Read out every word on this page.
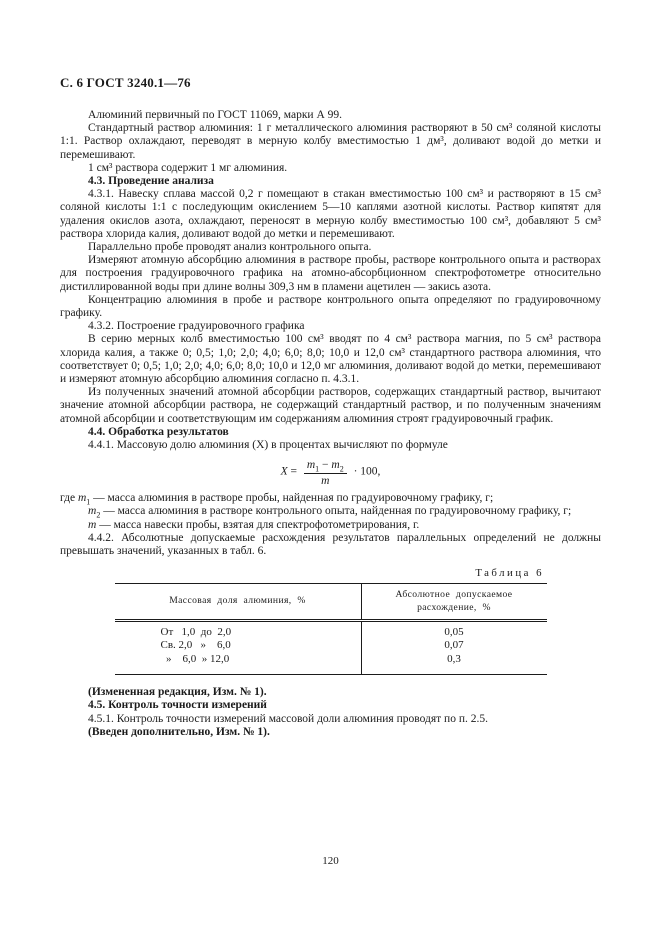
С. 6 ГОСТ 3240.1—76

Алюминий первичный по ГОСТ 11069, марки А 99.

Стандартный раствор алюминия: 1 г металлического алюминия растворяют в 50 см³ соляной кислоты 1:1. Раствор охлаждают, переводят в мерную колбу вместимостью 1 дм³, доливают водой до метки и перемешивают.

1 см³ раствора содержит 1 мг алюминия.

4.3. Проведение анализа

4.3.1. Навеску сплава массой 0,2 г помещают в стакан вместимостью 100 см³ и растворяют в 15 см³ соляной кислоты 1:1 с последующим окислением 5—10 каплями азотной кислоты. Раствор кипятят для удаления окислов азота, охлаждают, переносят в мерную колбу вместимостью 100 см³, добавляют 5 см³ раствора хлорида калия, доливают водой до метки и перемешивают.

Параллельно пробе проводят анализ контрольного опыта.

Измеряют атомную абсорбцию алюминия в растворе пробы, растворе контрольного опыта и растворах для построения градуировочного графика на атомно-абсорбционном спектрофотометре относительно дистиллированной воды при длине волны 309,3 нм в пламени ацетилен — закись азота.

Концентрацию алюминия в пробе и растворе контрольного опыта определяют по градуировочному графику.

4.3.2. Построение градуировочного графика

В серию мерных колб вместимостью 100 см³ вводят по 4 см³ раствора магния, по 5 см³ раствора хлорида калия, а также 0; 0,5; 1,0; 2,0; 4,0; 6,0; 8,0; 10,0 и 12,0 см³ стандартного раствора алюминия, что соответствует 0; 0,5; 1,0; 2,0; 4,0; 6,0; 8,0; 10,0 и 12,0 мг алюминия, доливают водой до метки, перемешивают и измеряют атомную абсорбцию алюминия согласно п. 4.3.1.

Из полученных значений атомной абсорбции растворов, содержащих стандартный раствор, вычитают значение атомной абсорбции раствора, не содержащий стандартный раствор, и по полученным значениям атомной абсорбции и соответствующим им содержаниям алюминия строят градуировочный график.

4.4. Обработка результатов

4.4.1. Массовую долю алюминия (X) в процентах вычисляют по формуле

$X = \frac{m_1 - m_2}{m} \cdot 100$,

где $m_1$ — масса алюминия в растворе пробы, найденная по градуировочному графику, г;

$m_2$ — масса алюминия в растворе контрольного опыта, найденная по градуировочному графику, г;

m — масса навески пробы, взятая для спектрофотометрирования, г.

4.4.2. Абсолютные допускаемые расхождения результатов параллельных определений не должны превышать значений, указанных в табл. 6.

Таблица 6
Массовая доля алюминия, %	Абсолютное допускаемое расхождение, %
От   1,0  до  2,0	0,05
Св. 2,0   »    6,0	0,07
»    6,0  » 12,0	0,3

(Измененная редакция, Изм. № 1).

4.5. Контроль точности измерений

4.5.1. Контроль точности измерений массовой доли алюминия проводят по п. 2.5.

(Введен дополнительно, Изм. № 1).

120
